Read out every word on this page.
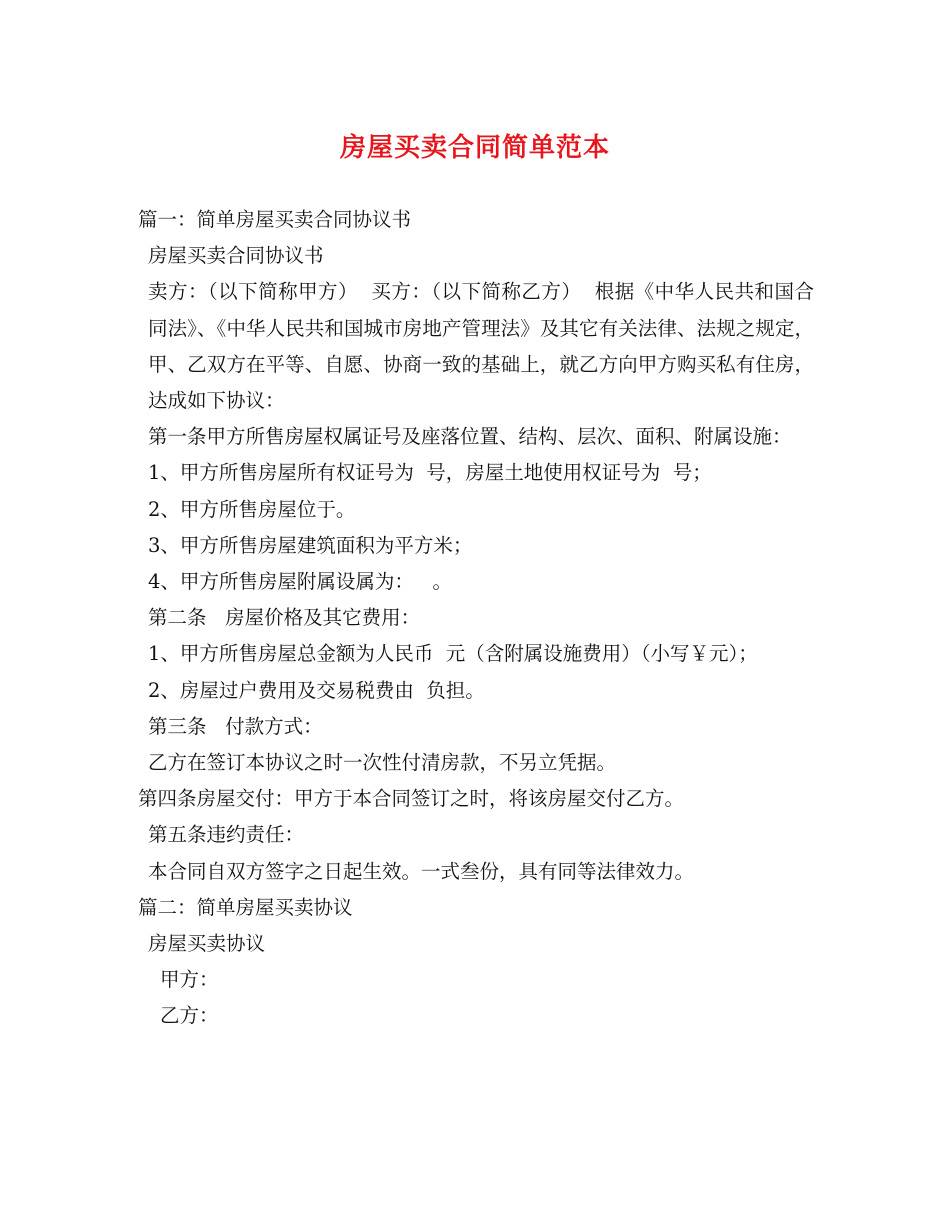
房屋买卖合同简单范本

篇一：简单房屋买卖合同协议书

房屋买卖合同协议书

卖方：（以下简称甲方）  买方：（以下简称乙方）  根据《中华人民共和国合同法》、《中华人民共和国城市房地产管理法》及其它有关法律、法规之规定，甲、乙双方在平等、自愿、协商一致的基础上，就乙方向甲方购买私有住房，达成如下协议：

第一条甲方所售房屋权属证号及座落位置、结构、层次、面积、附属设施：

1、甲方所售房屋所有权证号为  号，房屋土地使用权证号为  号；

2、甲方所售房屋位于。

3、甲方所售房屋建筑面积为平方米；

4、甲方所售房屋附属设属为：   。

第二条   房屋价格及其它费用：

1、甲方所售房屋总金额为人民币  元（含附属设施费用）（小写￥元）；

2、房屋过户费用及交易税费由  负担。

第三条   付款方式：

乙方在签订本协议之时一次性付清房款，不另立凭据。

第四条房屋交付：甲方于本合同签订之时，将该房屋交付乙方。

第五条违约责任：

本合同自双方签字之日起生效。一式叁份，具有同等法律效力。

篇二：简单房屋买卖协议

房屋买卖协议

甲方：

乙方：
